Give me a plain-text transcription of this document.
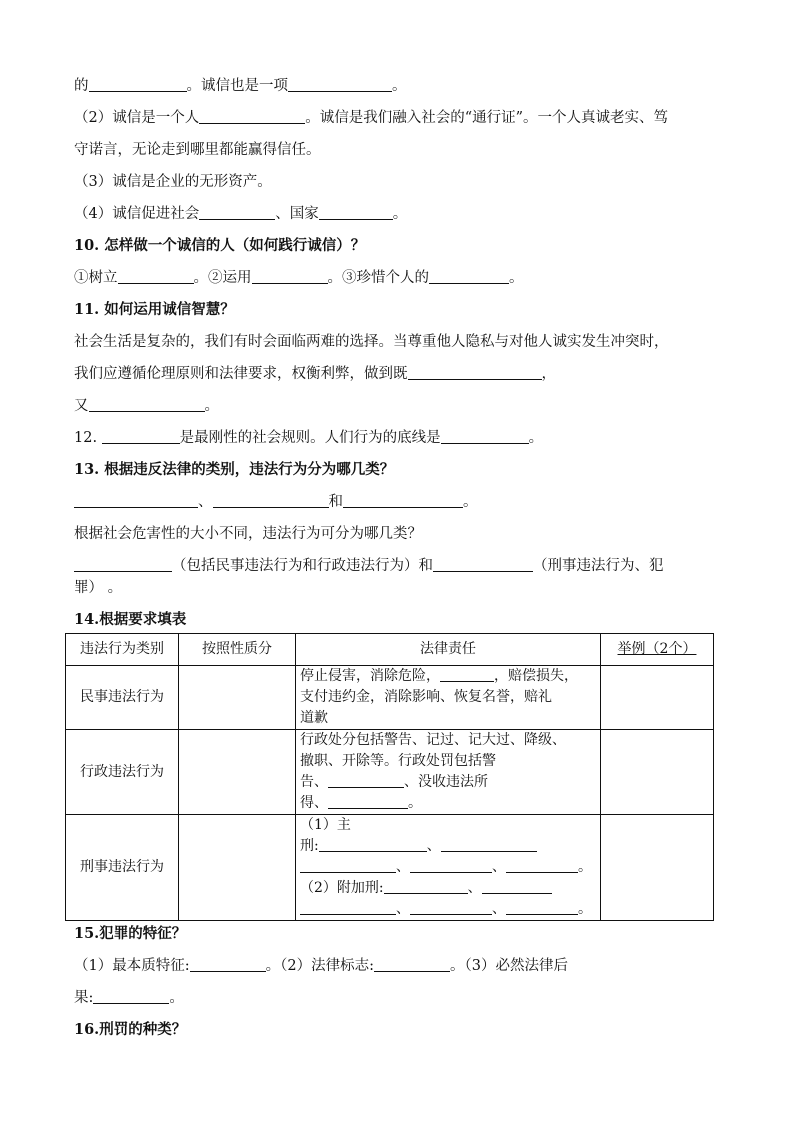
的	。诚信也是一项	。
（2）诚信是一个人	。诚信是我们融入社会的“通行证”。一个人真诚老实、笃
守诺言，无论走到哪里都能赢得信任。
（3）诚信是企业的无形资产。
（4）诚信促进社会	、国家	。
10. 怎样做一个诚信的人（如何践行诚信）？
①树立	。②运用	。③珍惜个人的	。
11. 如何运用诚信智慧？
社会生活是复杂的，我们有时会面临两难的选择。当尊重他人隐私与对他人诚实发生冲突时，
我们应遵循伦理原则和法律要求，权衡利弊，做到既	，
又	。
12.	是最刚性的社会规则。人们行为的底线是	。
13. 根据违反法律的类别，违法行为分为哪几类？
、	和	。
根据社会危害性的大小不同，违法行为可分为哪几类？
（包括民事违法行为和行政违法行为）和	（刑事违法行为、犯
罪） 。
14.根据要求填表
违法行为类别	按照性质分	法律责任	举例（2个）
民事违法行为		停止侵害，消除危险， ，赔偿损失，
支付违约金，消除影响、恢复名誉，赔礼
道歉	

行政违法行为		行政处分包括警告、记过、记大过、降级、
撤职、开除等。行政处罚包括警
告、 、没收违法所
得、 。	

刑事违法行为		（1）主
刑: 、
、 、 。
（2）附加刑: 、
、 、 。	

15.犯罪的特征？
（1）最本质特征:	。（2）法律标志:	。（3）必然法律后
果:	。
16.刑罚的种类？
